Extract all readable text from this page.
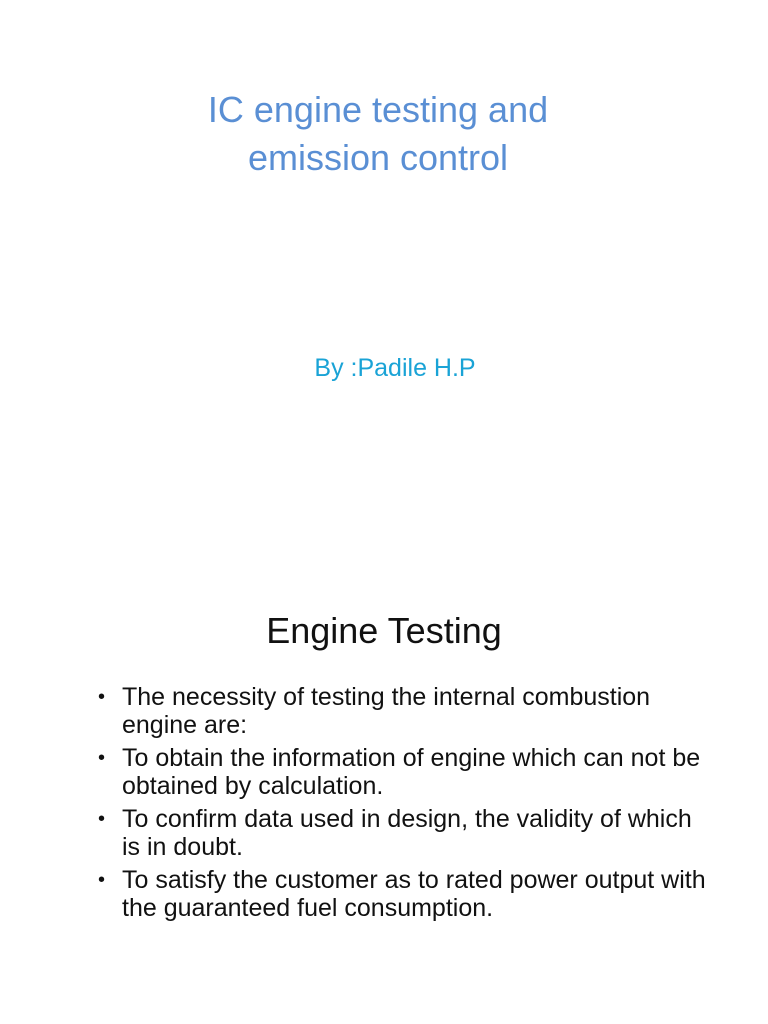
IC engine testing and
emission control
By :Padile H.P
Engine Testing
• The necessity of testing the internal combustion engine are:
• To obtain the information of engine which can not be obtained by calculation.
• To confirm data used in design, the validity of which is in doubt.
• To satisfy the customer as to rated power output with the guaranteed fuel consumption.
